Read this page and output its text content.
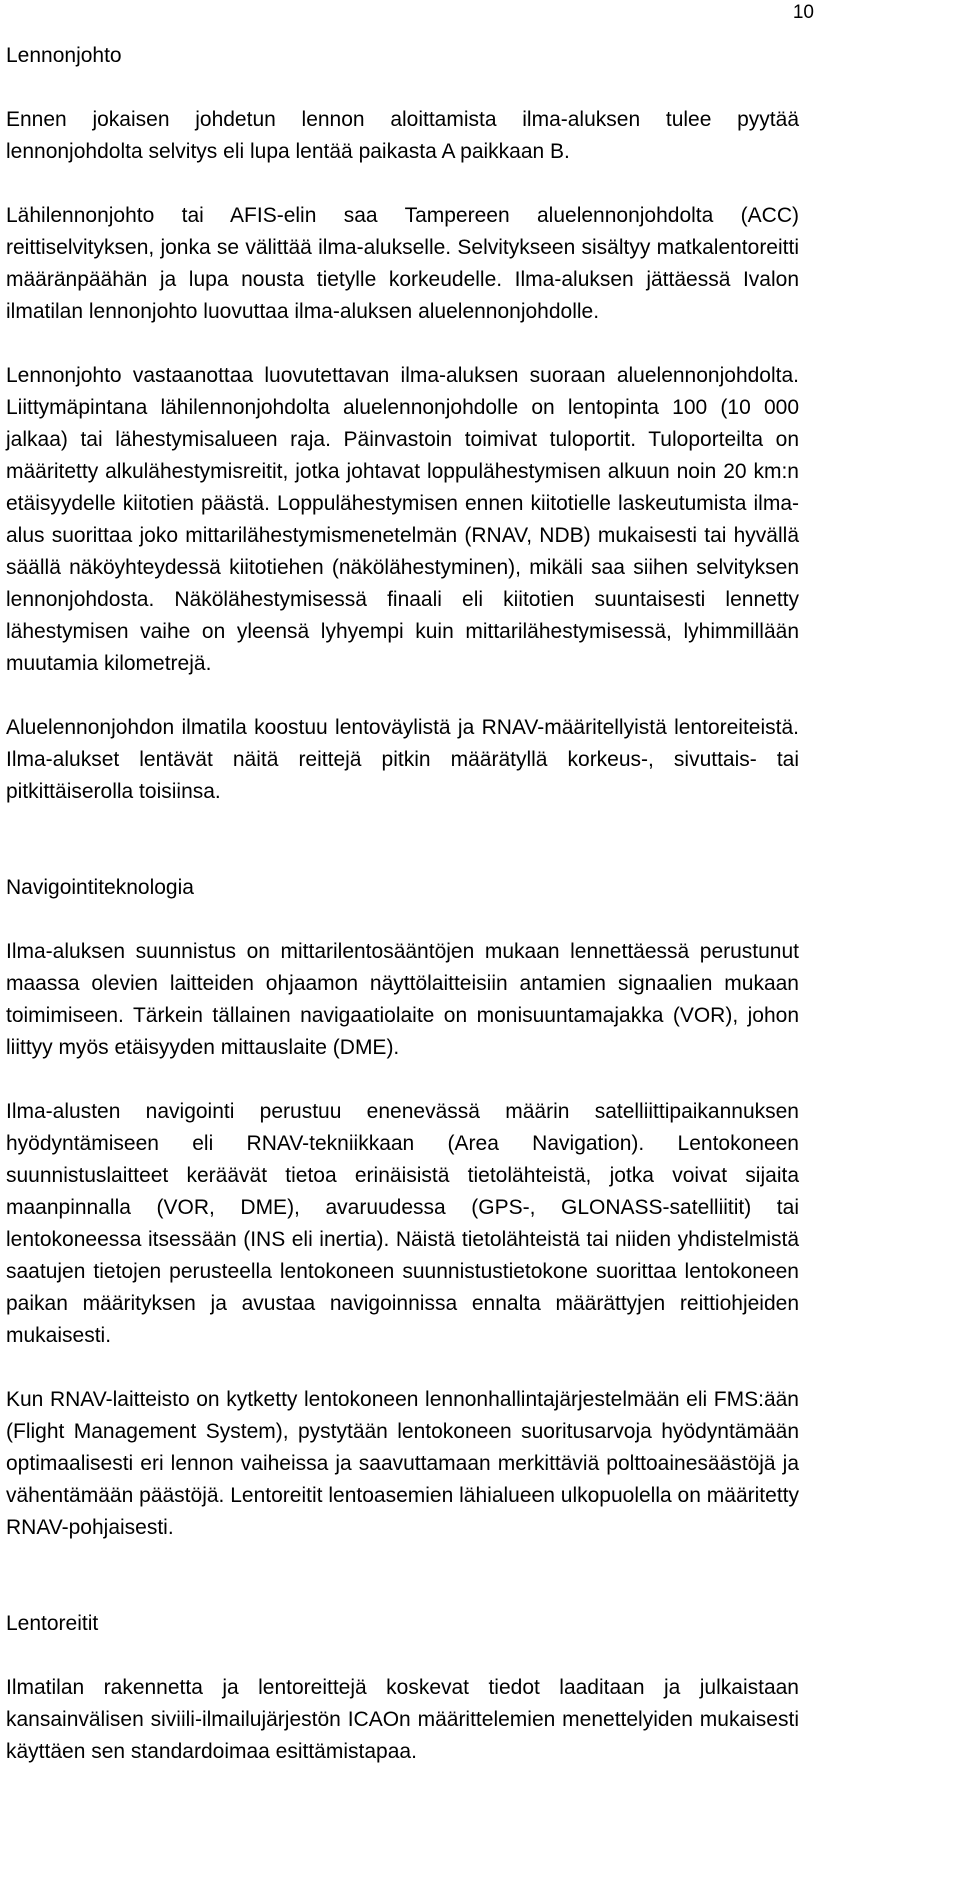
10
Lennonjohto

Ennen jokaisen johdetun lennon aloittamista ilma-aluksen tulee pyytää lennonjohdolta selvitys eli lupa lentää paikasta A paikkaan B.

Lähilennonjohto tai AFIS-elin saa Tampereen aluelennonjohdolta (ACC) reittiselvityksen, jonka se välittää ilma-alukselle. Selvitykseen sisältyy matkalentoreitti määränpäähän ja lupa nousta tietylle korkeudelle. Ilma-aluksen jättäessä Ivalon ilmatilan lennonjohto luovuttaa ilma-aluksen aluelennonjohdolle.

Lennonjohto vastaanottaa luovutettavan ilma-aluksen suoraan aluelennonjohdolta. Liittymäpintana lähilennonjohdolta aluelennonjohdolle on lentopinta 100 (10 000 jalkaa) tai lähestymisalueen raja. Päinvastoin toimivat tuloportit. Tuloporteilta on määritetty alkulähestymisreitit, jotka johtavat loppulähestymisen alkuun noin 20 km:n etäisyydelle kiitotien päästä. Loppulähestymisen ennen kiitotielle laskeutumista ilma-alus suorittaa joko mittarilähestymismenetelmän (RNAV, NDB) mukaisesti tai hyvällä säällä näköyhteydessä kiitotiehen (näkölähestyminen), mikäli saa siihen selvityksen lennonjohdosta. Näkölähestymisessä finaali eli kiitotien suuntaisesti lennetty lähestymisen vaihe on yleensä lyhyempi kuin mittarilähestymisessä, lyhimmillään muutamia kilometrejä.

Aluelennonjohdon ilmatila koostuu lentoväylistä ja RNAV-määritellyistä lentoreiteistä. Ilma-alukset lentävät näitä reittejä pitkin määrätyllä korkeus-, sivuttais- tai pitkittäiserolla toisiinsa.

Navigointiteknologia

Ilma-aluksen suunnistus on mittarilentosääntöjen mukaan lennettäessä perustunut maassa olevien laitteiden ohjaamon näyttölaitteisiin antamien signaalien mukaan toimimiseen. Tärkein tällainen navigaatiolaite on monisuuntamajakka (VOR), johon liittyy myös etäisyyden mittauslaite (DME).

Ilma-alusten navigointi perustuu enenevässä määrin satelliittipaikannuksen hyödyntämiseen eli RNAV-tekniikkaan (Area Navigation). Lentokoneen suunnistuslaitteet keräävät tietoa erinäisistä tietolähteistä, jotka voivat sijaita maanpinnalla (VOR, DME), avaruudessa (GPS-, GLONASS-satelliitit) tai lentokoneessa itsessään (INS eli inertia). Näistä tietolähteistä tai niiden yhdistelmistä saatujen tietojen perusteella lentokoneen suunnistustietokone suorittaa lentokoneen paikan määrityksen ja avustaa navigoinnissa ennalta määrättyjen reittiohjeiden mukaisesti.

Kun RNAV-laitteisto on kytketty lentokoneen lennonhallintajärjestelmään eli FMS:ään (Flight Management System), pystytään lentokoneen suoritusarvoja hyödyntämään optimaalisesti eri lennon vaiheissa ja saavuttamaan merkittäviä polttoainesäästöjä ja vähentämään päästöjä. Lentoreitit lentoasemien lähialueen ulkopuolella on määritetty RNAV-pohjaisesti.

Lentoreitit

Ilmatilan rakennetta ja lentoreittejä koskevat tiedot laaditaan ja julkaistaan kansainvälisen siviili-ilmailujärjestön ICAOn määrittelemien menettelyiden mukaisesti käyttäen sen standardoimaa esittämistapaa.
